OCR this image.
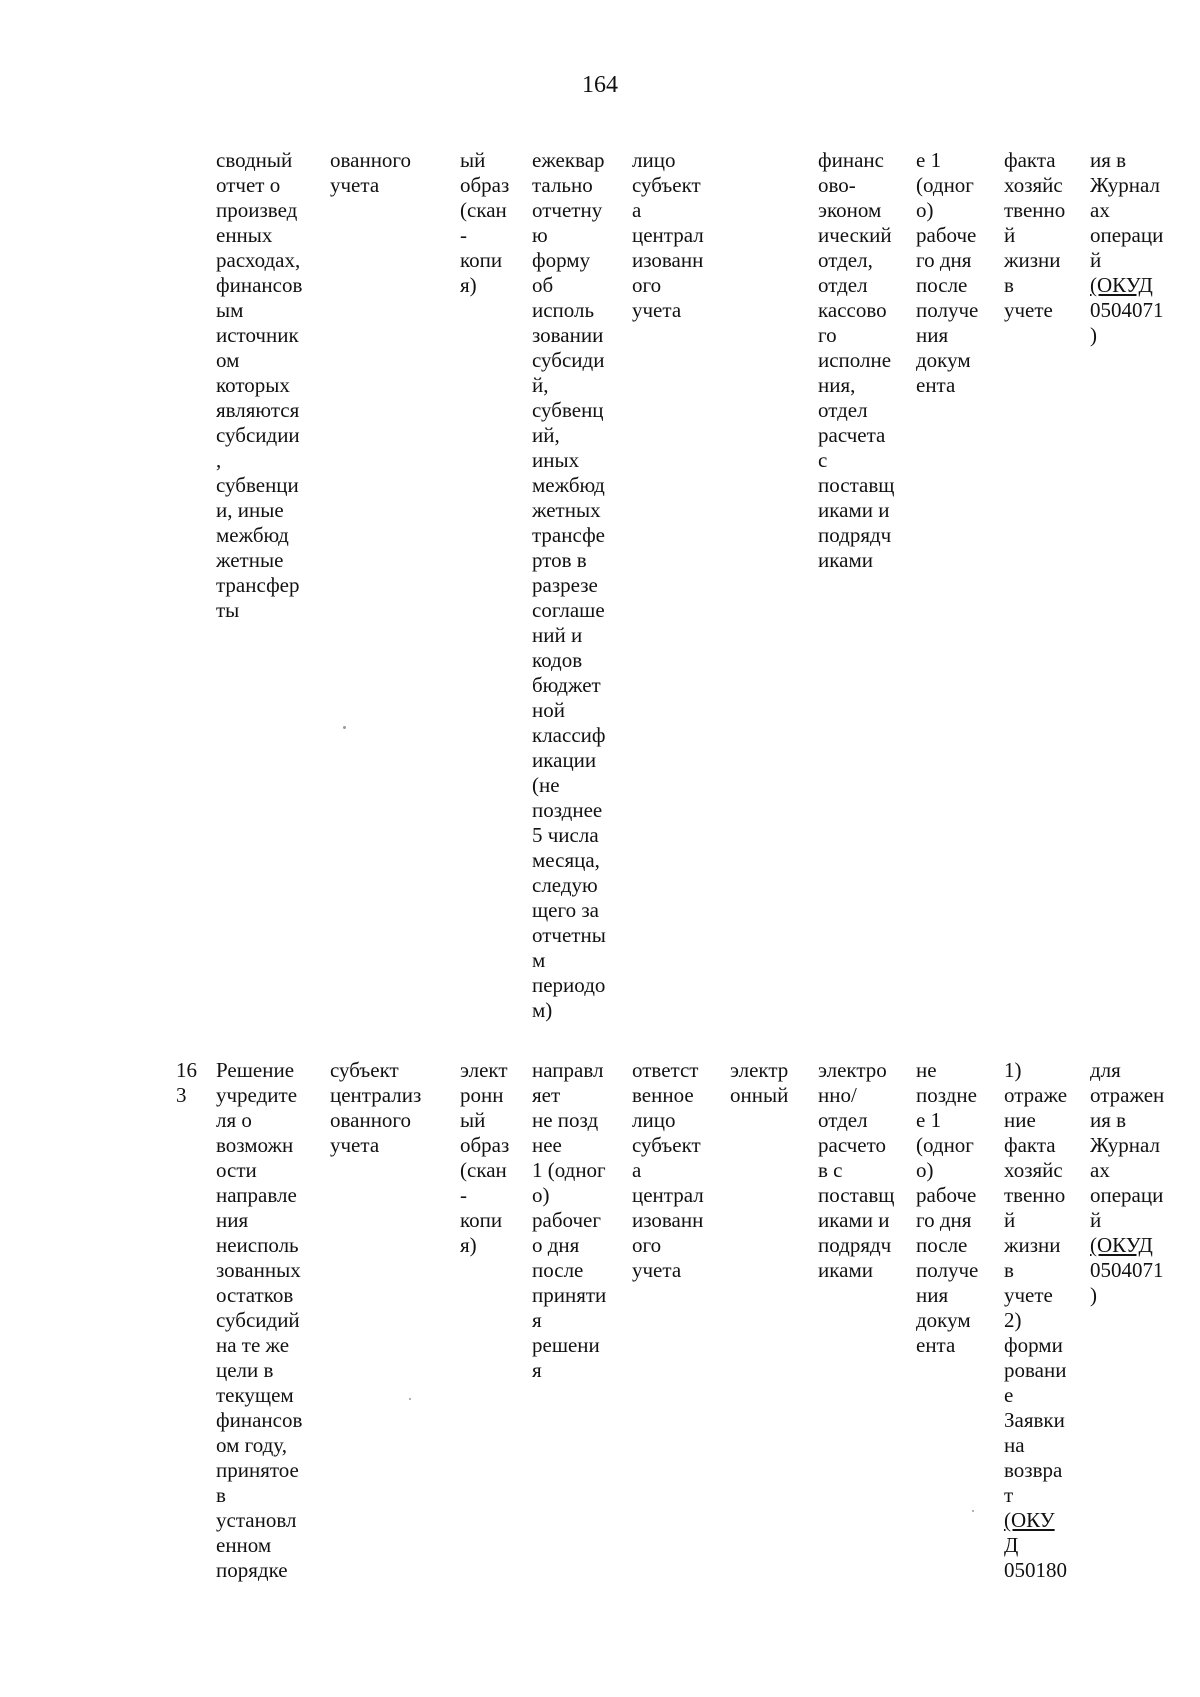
164
сводный
отчет о
произвед
енных
расходах,
финансов
ым
источник
ом
которых
являются
субсидии
,
субвенци
и, иные
межбюд
жетные
трансфер
ты
ованного
учета
ый
образ
(скан
-
копи
я)
ежеквар
тально
отчетну
ю
форму
об
исполь
зовании
субсиди
й,
субвенц
ий,
иных
межбюд
жетных
трансфе
ртов в
разрезе
соглаше
ний и
кодов
бюджет
ной
классиф
икации
(не
позднее
5 числа
месяца,
следую
щего за
отчетны
м
периодо
м)
лицо
субъект
а
централ
изованн
ого
учета
финанс
ово-
эконом
ический
отдел,
отдел
кассово
го
исполне
ния,
отдел
расчета
с
поставщ
иками и
подрядч
иками
е 1
(одног
о)
рабоче
го дня
после
получе
ния
докум
ента
факта
хозяйс
твенно
й
жизни
в
учете
ия в
Журнал
ах
операци
й
(ОКУД
0504071
)
16
3
Решение
учредите
ля о
возможн
ости
направле
ния
неисполь
зованных
остатков
субсидий
на те же
цели в
текущем
финансов
ом году,
принятое
в
установл
енном
порядке
субъект
централиз
ованного
учета
элект
ронн
ый
образ
(скан
-
копи
я)
направл
яет
не позд
нее
1 (одног
о)
рабочег
о дня
после
приняти
я
решени
я
ответст
венное
лицо
субъект
а
централ
изованн
ого
учета
электр
онный
электро
нно/
отдел
расчето
в с
поставщ
иками и
подрядч
иками
не
поздне
е 1
(одног
о)
рабоче
го дня
после
получе
ния
докум
ента
1)
отраже
ние
факта
хозяйс
твенно
й
жизни
в
учете
2)
форми
ровани
е
Заявки
на
возвра
т
(ОКУ
Д
050180
для
отражен
ия в
Журнал
ах
операци
й
(ОКУД
0504071
)
